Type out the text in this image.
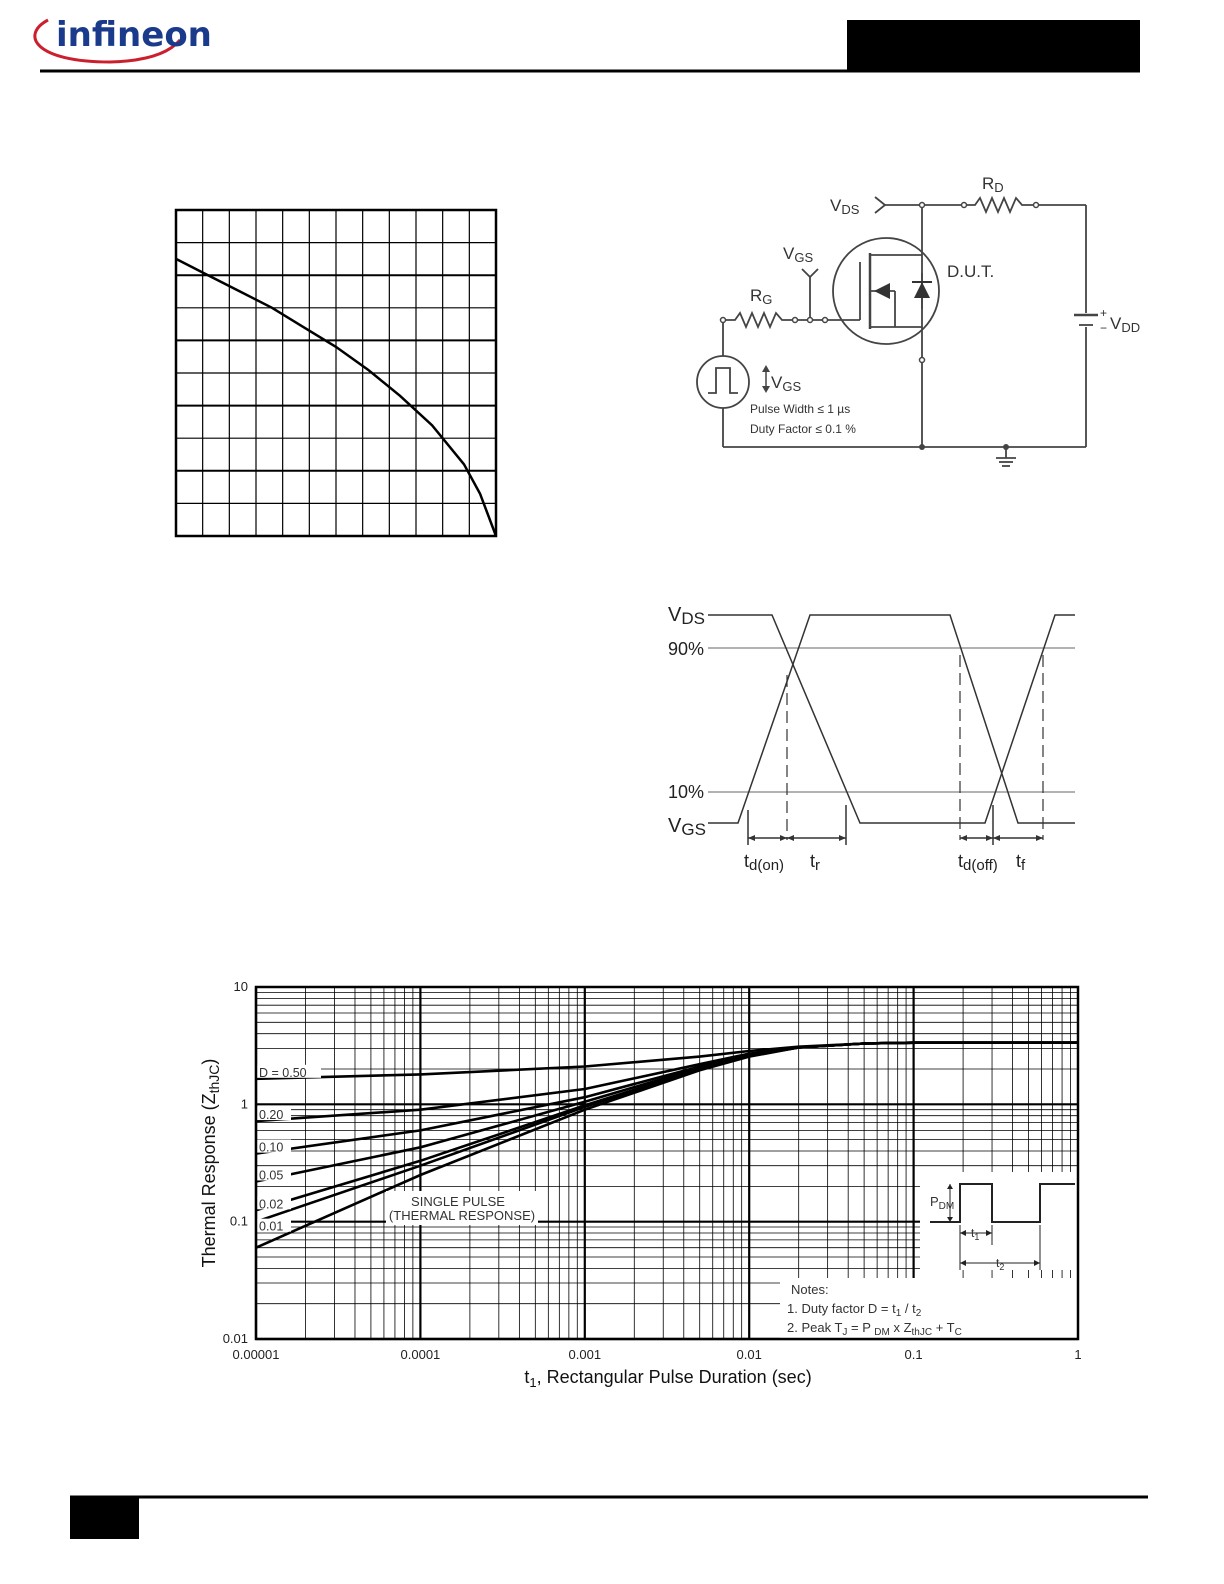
infineon
VDS
RD
VGS
RG
D.U.T.
+
− VDD
VGS
Pulse Width ≤ 1 µs
Duty Factor ≤ 0.1 %
VDS
90%
10%
VGS
td(on) tr	td(off) tf
D = 0.50
0.20
0.10
0.05
0.02
0.01
$P_{DM}$
$t_1$
$t_2$
Notes:
1. Duty factor $D = t_1 / t_2$
2. Peak $T_J = P$ $_{DM}$ x $Z_{thJC} + T_C$
SINGLE PULSE
(THERMAL RESPONSE)
0.00001	0.0001	0.001	0.01	0.1	1
0.01
0.1
1
10
$t_1$, Rectangular Pulse Duration (sec)
Thermal Response $(Z_{thJC})$
